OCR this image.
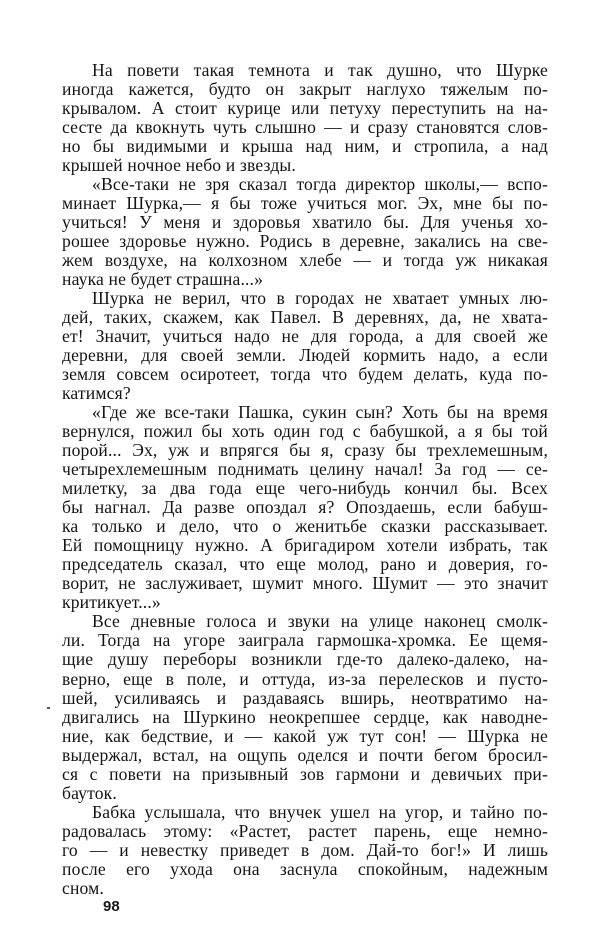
На повети такая темнота и так душно, что Шурке
иногда кажется, будто он закрыт наглухо тяжелым по-
крывалом. А стоит курице или петуху переступить на на-
сесте да квокнуть чуть слышно — и сразу становятся слов-
но бы видимыми и крыша над ним, и стропила, а над
крышей ночное небо и звезды.
«Все-таки не зря сказал тогда директор школы,— вспо-
минает Шурка,— я бы тоже учиться мог. Эх, мне бы по-
учиться! У меня и здоровья хватило бы. Для ученья хо-
рошее здоровье нужно. Родись в деревне, закались на све-
жем воздухе, на колхозном хлебе — и тогда уж никакая
наука не будет страшна...»
Шурка не верил, что в городах не хватает умных лю-
дей, таких, скажем, как Павел. В деревнях, да, не хвата-
ет! Значит, учиться надо не для города, а для своей же
деревни, для своей земли. Людей кормить надо, а если
земля совсем осиротеет, тогда что будем делать, куда по-
катимся?
«Где же все-таки Пашка, сукин сын? Хоть бы на время
вернулся, пожил бы хоть один год с бабушкой, а я бы той
порой... Эх, уж и впрягся бы я, сразу бы трехлемешным,
четырехлемешным поднимать целину начал! За год — се-
милетку, за два года еще чего-нибудь кончил бы. Всех
бы нагнал. Да разве опоздал я? Опоздаешь, если бабуш-
ка только и дело, что о женитьбе сказки рассказывает.
Ей помощницу нужно. А бригадиром хотели избрать, так
председатель сказал, что еще молод, рано и доверия, го-
ворит, не заслуживает, шумит много. Шумит — это значит
критикует...»
Все дневные голоса и звуки на улице наконец смолк-
ли. Тогда на угоре заиграла гармошка-хромка. Ее щемя-
щие душу переборы возникли где-то далеко-далеко, на-
верно, еще в поле, и оттуда, из-за перелесков и пусто-
шей, усиливаясь и раздаваясь вширь, неотвратимо на-
двигались на Шуркино неокрепшее сердце, как наводне-
ние, как бедствие, и — какой уж тут сон! — Шурка не
выдержал, встал, на ощупь оделся и почти бегом бросил-
ся с повети на призывный зов гармони и девичьих при-
бауток.
Бабка услышала, что внучек ушел на угор, и тайно по-
радовалась этому: «Растет, растет парень, еще немно-
го — и невестку приведет в дом. Дай-то бог!» И лишь
после его ухода она заснула спокойным, надежным
сном.
98
